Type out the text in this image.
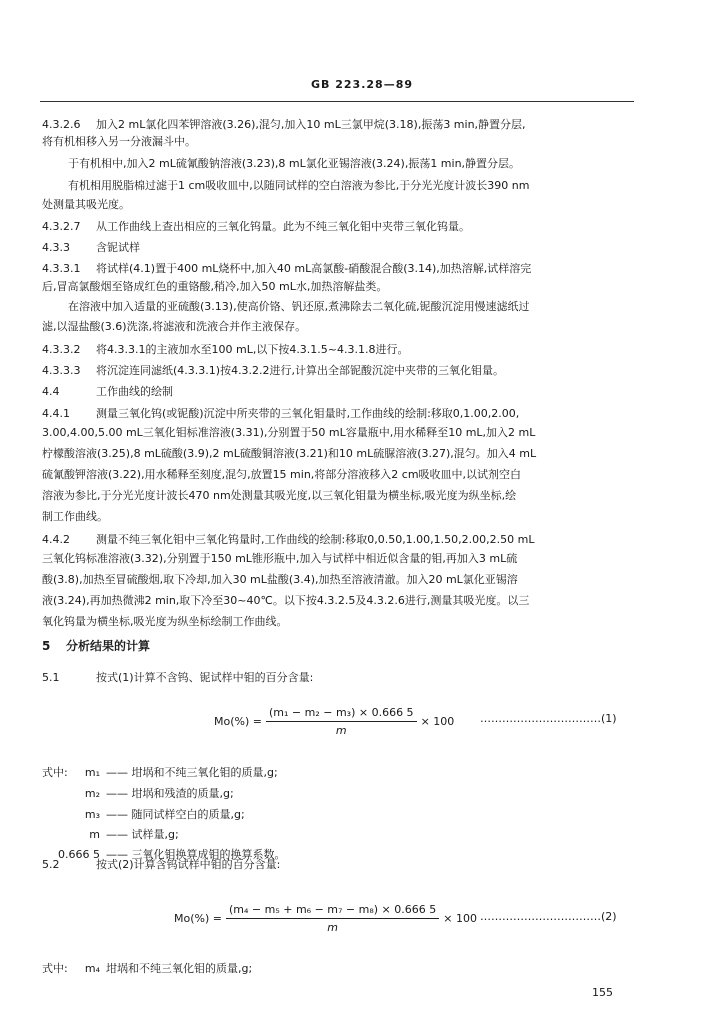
GB 223.28—89
4.3.2.6 加入2 mL氯化四苯钾溶液(3.26),混匀,加入10 mL三氯甲烷(3.18),振荡3 min,静置分层,
将有机相移入另一分液漏斗中。
于有机相中,加入2 mL硫氰酸钠溶液(3.23),8 mL氯化亚锡溶液(3.24),振荡1 min,静置分层。
有机相用脱脂棉过滤于1 cm吸收皿中,以随同试样的空白溶液为参比,于分光光度计波长390 nm
处测量其吸光度。
4.3.2.7 从工作曲线上查出相应的三氧化钨量。此为不纯三氧化钼中夹带三氧化钨量。
4.3.3 含铌试样
4.3.3.1 将试样(4.1)置于400 mL烧杯中,加入40 mL高氯酸-硝酸混合酸(3.14),加热溶解,试样溶完
后,冒高氯酸烟至铬成红色的重铬酸,稍冷,加入50 mL水,加热溶解盐类。
在溶液中加入适量的亚硫酸(3.13),使高价铬、钒还原,煮沸除去二氧化硫,铌酸沉淀用慢速滤纸过
滤,以湿盐酸(3.6)洗涤,将滤液和洗液合并作主液保存。
4.3.3.2 将4.3.3.1的主液加水至100 mL,以下按4.3.1.5~4.3.1.8进行。
4.3.3.3 将沉淀连同滤纸(4.3.3.1)按4.3.2.2进行,计算出全部铌酸沉淀中夹带的三氧化钼量。
4.4	工作曲线的绘制
4.4.1 测量三氧化钨(或铌酸)沉淀中所夹带的三氧化钼量时,工作曲线的绘制:移取0,1.00,2.00,
3.00,4.00,5.00 mL三氧化钼标准溶液(3.31),分别置于50 mL容量瓶中,用水稀释至10 mL,加入2 mL
柠檬酸溶液(3.25),8 mL硫酸(3.9),2 mL硫酸铜溶液(3.21)和10 mL硫脲溶液(3.27),混匀。加入4 mL
硫氰酸钾溶液(3.22),用水稀释至刻度,混匀,放置15 min,将部分溶液移入2 cm吸收皿中,以试剂空白
溶液为参比,于分光光度计波长470 nm处测量其吸光度,以三氧化钼量为横坐标,吸光度为纵坐标,绘
制工作曲线。
4.4.2 测量不纯三氧化钼中三氧化钨量时,工作曲线的绘制:移取0,0.50,1.00,1.50,2.00,2.50 mL
三氧化钨标准溶液(3.32),分别置于150 mL锥形瓶中,加入与试样中相近似含量的钼,再加入3 mL硫
酸(3.8),加热至冒硫酸烟,取下冷却,加入30 mL盐酸(3.4),加热至溶液清澈。加入20 mL氯化亚锡溶
液(3.24),再加热微沸2 min,取下冷至30~40℃。以下按4.3.2.5及4.3.2.6进行,测量其吸光度。以三
氧化钨量为横坐标,吸光度为纵坐标绘制工作曲线。
5 分析结果的计算
5.1	按式(1)计算不含钨、铌试样中钼的百分含量:
5.2	按式(2)计算含钨试样中钼的百分含量:
$Mo(\%) = \frac{\text{(m₁ − m₂ − m₃) × 0.666 5}}{m} \times 100$ ……………………………(1)
式中:	m₁ —— 坩埚和不纯三氧化钼的质量,g;
m₂ —— 坩埚和残渣的质量,g;
m₃ —— 随同试样空白的质量,g;
m —— 试样量,g;
0.666 5 —— 三氧化钼换算成钼的换算系数。
$Mo(\%) = \frac{\text{(m₄ − m₅ + m₆ − m₇ − m₈) × 0.666 5}}{m} \times 100$ ……………………………(2)
式中:	m₄ 坩埚和不纯三氧化钼的质量,g;
155
